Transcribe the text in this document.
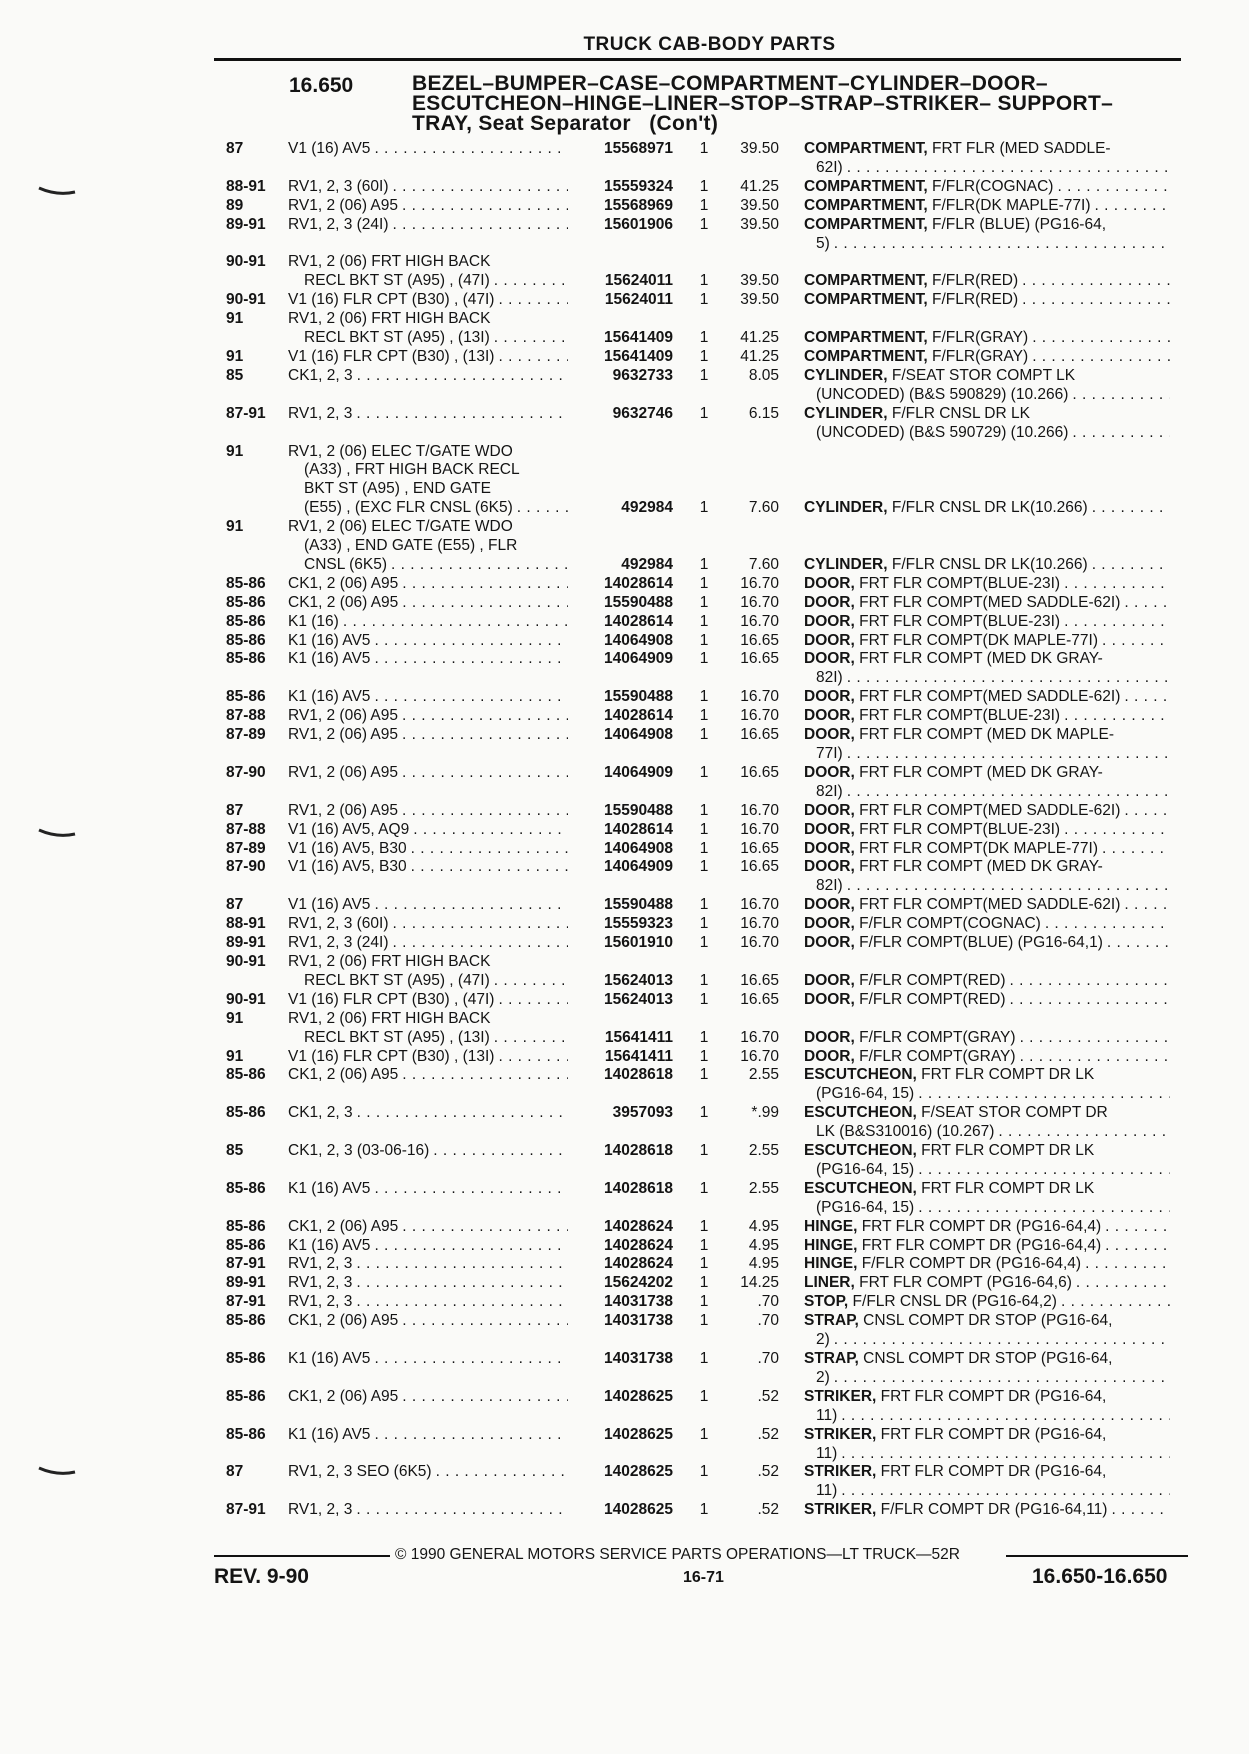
TRUCK CAB-BODY PARTS
16.650	BEZEL–BUMPER–CASE–COMPARTMENT–CYLINDER–DOOR– ESCUTCHEON–HINGE–LINER–STOP–STRAP–STRIKER– SUPPORT–TRAY, Seat Separator   (Con't)
87	V1 (16) AV5 . . .	15568971	1	39.50 COMPARTMENT,
FRT FLR (MED SADDLE-
62I)
. . .
88-91	RV1, 2, 3 (60I) . . .	15559324	1	41.25 COMPARTMENT,
F/FLR(COGNAC)
. . .
89	RV1, 2 (06) A95 . . .	15568969	1	39.50 COMPARTMENT,
F/FLR(DK MAPLE-77I)
. . .
89-91	RV1, 2, 3 (24I) . . .	15601906	1	39.50 COMPARTMENT,
F/FLR (BLUE) (PG16-64,
5)
. . .
90-91	RV1, 2 (06) FRT HIGH BACK
RECL BKT ST (A95) , (47I) . . .	15624011	1	39.50 COMPARTMENT,
F/FLR(RED)
. . .
90-91	V1 (16) FLR CPT (B30) , (47I) . . .	15624011	1	39.50 COMPARTMENT,
F/FLR(RED)
. . .
91	RV1, 2 (06) FRT HIGH BACK
RECL BKT ST (A95) , (13I) . . .	15641409	1	41.25 COMPARTMENT,
F/FLR(GRAY)
. . .
91	V1 (16) FLR CPT (B30) , (13I) . . .	15641409	1	41.25 COMPARTMENT,
F/FLR(GRAY)
. . .
85	CK1, 2, 3 . . .	9632733	1	8.05 CYLINDER,
F/SEAT STOR COMPT LK
(UNCODED) (B&S 590829) (10.266)
. . .
87-91	RV1, 2, 3 . . .	9632746	1	6.15 CYLINDER,
F/FLR CNSL DR LK
(UNCODED) (B&S 590729) (10.266)
. . .
91	RV1, 2 (06) ELEC T/GATE WDO
(A33) , FRT HIGH BACK RECL
BKT ST (A95) , END GATE
(E55) , (EXC FLR CNSL (6K5) . . .	492984	1	7.60 CYLINDER,
F/FLR CNSL DR LK(10.266)
. . .
91	RV1, 2 (06) ELEC T/GATE WDO
(A33) , END GATE (E55) , FLR
CNSL (6K5) . . .	492984	1	7.60 CYLINDER,
F/FLR CNSL DR LK(10.266)
. . .
85-86	CK1, 2 (06) A95 . . .	14028614	1	16.70 DOOR,
FRT FLR COMPT(BLUE-23I)
. . .
85-86	CK1, 2 (06) A95 . . .	15590488	1	16.70 DOOR,
FRT FLR COMPT(MED SADDLE-62I)
. . .
85-86	K1 (16) . . .	14028614	1	16.70 DOOR,
FRT FLR COMPT(BLUE-23I)
. . .
85-86	K1 (16) AV5 . . .	14064908	1	16.65 DOOR,
FRT FLR COMPT(DK MAPLE-77I)
. . .
85-86	K1 (16) AV5 . . .	14064909	1	16.65 DOOR,
FRT FLR COMPT (MED DK GRAY-
82I)
. . .
85-86	K1 (16) AV5 . . .	15590488	1	16.70 DOOR,
FRT FLR COMPT(MED SADDLE-62I)
. . .
87-88	RV1, 2 (06) A95 . . .	14028614	1	16.70 DOOR,
FRT FLR COMPT(BLUE-23I)
. . .
87-89	RV1, 2 (06) A95 . . .	14064908	1	16.65 DOOR,
FRT FLR COMPT (MED DK MAPLE-
77I)
. . .
87-90	RV1, 2 (06) A95 . . .	14064909	1	16.65 DOOR,
FRT FLR COMPT (MED DK GRAY-
82I)
. . .
87	RV1, 2 (06) A95 . . .	15590488	1	16.70 DOOR,
FRT FLR COMPT(MED SADDLE-62I)
. . .
87-88	V1 (16) AV5, AQ9 . . .	14028614	1	16.70 DOOR,
FRT FLR COMPT(BLUE-23I)
. . .
87-89	V1 (16) AV5, B30 . . .	14064908	1	16.65 DOOR,
FRT FLR COMPT(DK MAPLE-77I)
. . .
87-90	V1 (16) AV5, B30 . . .	14064909	1	16.65 DOOR,
FRT FLR COMPT (MED DK GRAY-
82I)
. . .
87	V1 (16) AV5 . . .	15590488	1	16.70 DOOR,
FRT FLR COMPT(MED SADDLE-62I)
. . .
88-91	RV1, 2, 3 (60I) . . .	15559323	1	16.70 DOOR,
F/FLR COMPT(COGNAC)
. . .
89-91	RV1, 2, 3 (24I) . . .	15601910	1	16.70 DOOR,
F/FLR COMPT(BLUE) (PG16-64,1)
. . .
90-91	RV1, 2 (06) FRT HIGH BACK
RECL BKT ST (A95) , (47I) . . .	15624013	1	16.65 DOOR,
F/FLR COMPT(RED)
. . .
90-91	V1 (16) FLR CPT (B30) , (47I) . . .	15624013	1	16.65 DOOR,
F/FLR COMPT(RED)
. . .
91	RV1, 2 (06) FRT HIGH BACK
RECL BKT ST (A95) , (13I) . . .	15641411	1	16.70 DOOR,
F/FLR COMPT(GRAY)
. . .
91	V1 (16) FLR CPT (B30) , (13I) . . .	15641411	1	16.70 DOOR,
F/FLR COMPT(GRAY)
. . .
85-86	CK1, 2 (06) A95 . . .	14028618	1	2.55 ESCUTCHEON,
FRT FLR COMPT DR LK
(PG16-64, 15)
. . .
85-86	CK1, 2, 3 . . .	3957093	1	*.99 ESCUTCHEON,
F/SEAT STOR COMPT DR
LK (B&S310016) (10.267)
. . .
85	CK1, 2, 3 (03-06-16) . . .	14028618	1	2.55 ESCUTCHEON,
FRT FLR COMPT DR LK
(PG16-64, 15)
. . .
85-86	K1 (16) AV5 . . .	14028618	1	2.55 ESCUTCHEON,
FRT FLR COMPT DR LK
(PG16-64, 15)
. . .
85-86	CK1, 2 (06) A95 . . .	14028624	1	4.95 HINGE,
FRT FLR COMPT DR (PG16-64,4)
. . .
85-86	K1 (16) AV5 . . .	14028624	1	4.95 HINGE,
FRT FLR COMPT DR (PG16-64,4)
. . .
87-91	RV1, 2, 3 . . .	14028624	1	4.95 HINGE,
F/FLR COMPT DR (PG16-64,4)
. . .
89-91	RV1, 2, 3 . . .	15624202	1	14.25 LINER,
FRT FLR COMPT (PG16-64,6)
. . .
87-91	RV1, 2, 3 . . .	14031738	1	.70 STOP,
F/FLR CNSL DR (PG16-64,2)
. . .
85-86	CK1, 2 (06) A95 . . .	14031738	1	.70 STRAP,
CNSL COMPT DR STOP (PG16-64,
2)
. . .
85-86	K1 (16) AV5 . . .	14031738	1	.70 STRAP,
CNSL COMPT DR STOP (PG16-64,
2)
. . .
85-86	CK1, 2 (06) A95 . . .	14028625	1	.52 STRIKER,
FRT FLR COMPT DR (PG16-64,
11)
. . .
85-86	K1 (16) AV5 . . .	14028625	1	.52 STRIKER,
FRT FLR COMPT DR (PG16-64,
11)
. . .
87	RV1, 2, 3 SEO (6K5) . . .	14028625	1	.52 STRIKER,
FRT FLR COMPT DR (PG16-64,
11)
. . .
87-91	RV1, 2, 3 . . .	14028625	1	.52 STRIKER,
F/FLR COMPT DR (PG16-64,11)
. . .
© 1990 GENERAL MOTORS SERVICE PARTS OPERATIONS—LT TRUCK—52R
REV. 9-90	16-71	16.650-16.650
